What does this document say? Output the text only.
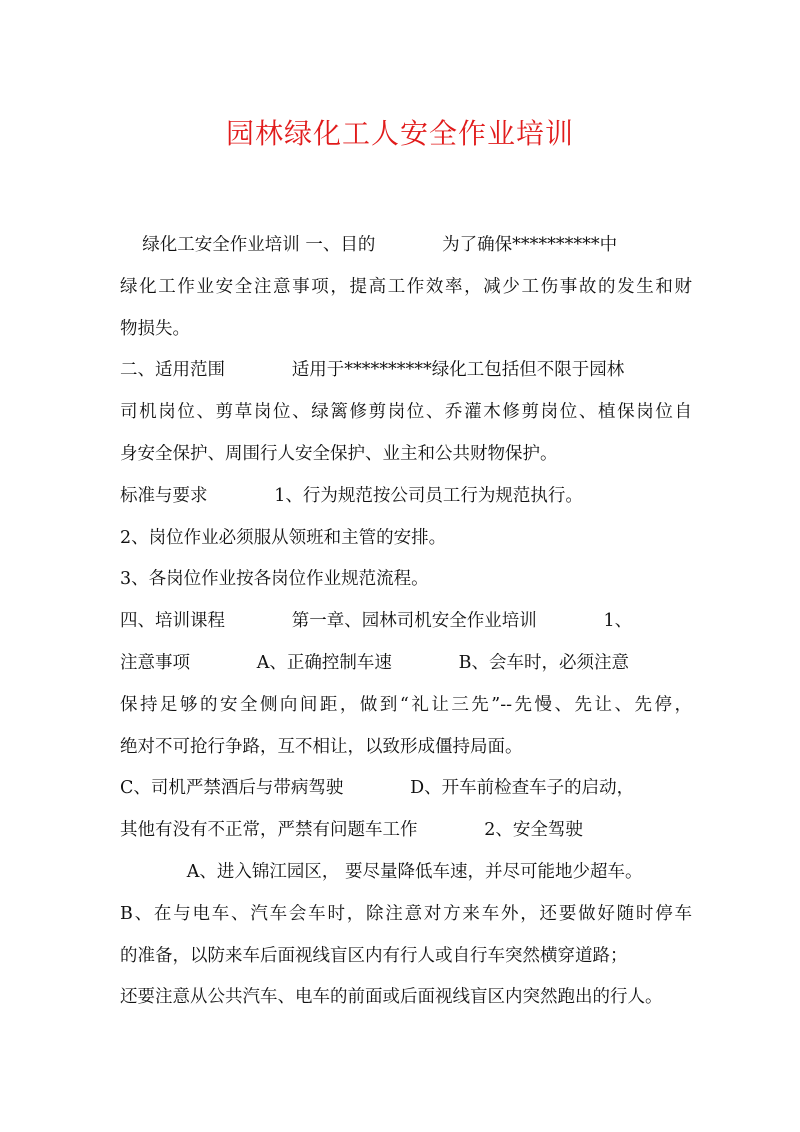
园林绿化工人安全作业培训
绿化工安全作业培训 一、目的            为了确保**********中
绿化工作业安全注意事项，提高工作效率，减少工伤事故的发生和财
物损失。
二、适用范围            适用于**********绿化工包括但不限于园林
司机岗位、剪草岗位、绿篱修剪岗位、乔灌木修剪岗位、植保岗位自
身安全保护、周围行人安全保护、业主和公共财物保护。
标准与要求            1、行为规范按公司员工行为规范执行。
2、岗位作业必须服从领班和主管的安排。
3、各岗位作业按各岗位作业规范流程。
四、培训课程            第一章、园林司机安全作业培训            1、
注意事项            A、正确控制车速            B、会车时，必须注意
保持足够的安全侧向间距，做到“礼让三先”--先慢、先让、先停，
绝对不可抢行争路，互不相让，以致形成僵持局面。
C、司机严禁酒后与带病驾驶            D、开车前检查车子的启动，
其他有没有不正常，严禁有问题车工作            2、安全驾驶
A、进入锦江园区， 要尽量降低车速，并尽可能地少超车。
B、在与电车、汽车会车时，除注意对方来车外，还要做好随时停车
的准备，以防来车后面视线盲区内有行人或自行车突然横穿道路；
还要注意从公共汽车、电车的前面或后面视线盲区内突然跑出的行人。
